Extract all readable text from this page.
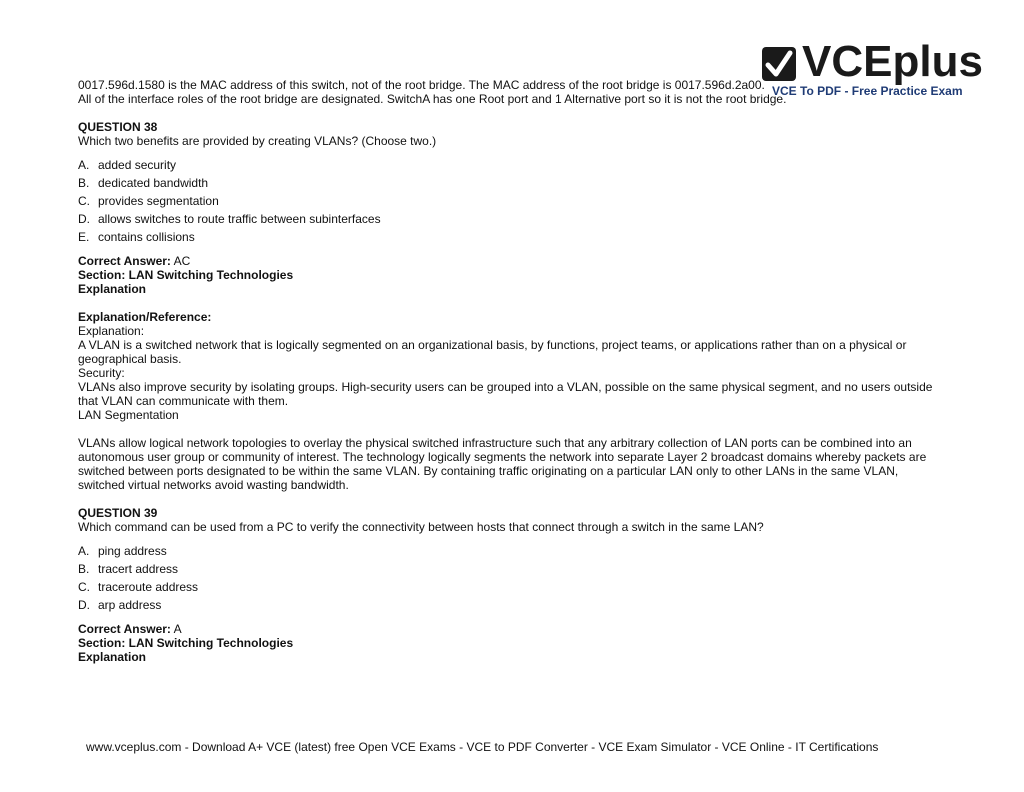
VCEplus
VCE To PDF - Free Practice Exam

0017.596d.1580 is the MAC address of this switch, not of the root bridge. The MAC address of the root bridge is 0017.596d.2a00.

All of the interface roles of the root bridge are designated. SwitchA has one Root port and 1 Alternative port so it is not the root bridge.

QUESTION 38

Which two benefits are provided by creating VLANs? (Choose two.)

A. added security
B. dedicated bandwidth
C. provides segmentation
D. allows switches to route traffic between subinterfaces
E. contains collisions

Correct Answer: AC

Section: LAN Switching Technologies

Explanation

Explanation/Reference:

Explanation:

A VLAN is a switched network that is logically segmented on an organizational basis, by functions, project teams, or applications rather than on a physical or geographical basis.

Security:

VLANs also improve security by isolating groups. High-security users can be grouped into a VLAN, possible on the same physical segment, and no users outside that VLAN can communicate with them.

LAN Segmentation

VLANs allow logical network topologies to overlay the physical switched infrastructure such that any arbitrary collection of LAN ports can be combined into an autonomous user group or community of interest. The technology logically segments the network into separate Layer 2 broadcast domains whereby packets are switched between ports designated to be within the same VLAN. By containing traffic originating on a particular LAN only to other LANs in the same VLAN, switched virtual networks avoid wasting bandwidth.

QUESTION 39

Which command can be used from a PC to verify the connectivity between hosts that connect through a switch in the same LAN?

A. ping address
B. tracert address
C. traceroute address
D. arp address

Correct Answer: A

Section: LAN Switching Technologies

Explanation

www.vceplus.com - Download A+ VCE (latest) free Open VCE Exams - VCE to PDF Converter - VCE Exam Simulator - VCE Online - IT Certifications
